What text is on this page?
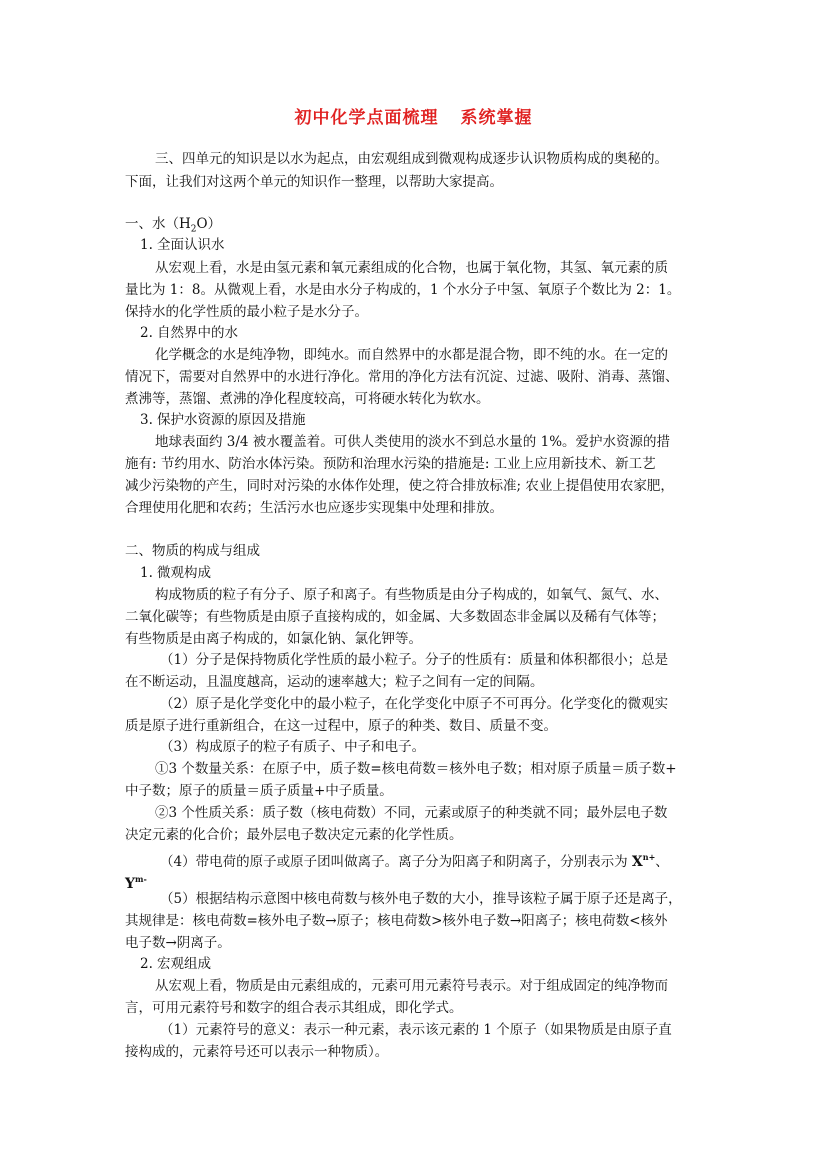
初中化学点面梳理 系统掌握
三、四单元的知识是以水为起点，由宏观组成到微观构成逐步认识物质构成的奥秘的。
下面，让我们对这两个单元的知识作一整理，以帮助大家提高。
一、水$(H_2O)$
1. 全面认识水
从宏观上看，水是由氢元素和氧元素组成的化合物，也属于氧化物，其氢、氧元素的质
量比为 1：8。从微观上看，水是由水分子构成的，1 个水分子中氢、氧原子个数比为 2：1。
保持水的化学性质的最小粒子是水分子。
2. 自然界中的水
化学概念的水是纯净物，即纯水。而自然界中的水都是混合物，即不纯的水。在一定的
情况下，需要对自然界中的水进行净化。常用的净化方法有沉淀、过滤、吸附、消毒、蒸馏、
煮沸等，蒸馏、煮沸的净化程度较高，可将硬水转化为软水。
3. 保护水资源的原因及措施
地球表面约 3/4 被水覆盖着。可供人类使用的淡水不到总水量的 1%。爱护水资源的措
施有: 节约用水、防治水体污染。预防和治理水污染的措施是: 工业上应用新技术、新工艺
减少污染物的产生，同时对污染的水体作处理，使之符合排放标准; 农业上提倡使用农家肥，
合理使用化肥和农药；生活污水也应逐步实现集中处理和排放。
二、物质的构成与组成
1. 微观构成
构成物质的粒子有分子、原子和离子。有些物质是由分子构成的，如氧气、氮气、水、
二氧化碳等；有些物质是由原子直接构成的，如金属、大多数固态非金属以及稀有气体等；
有些物质是由离子构成的，如氯化钠、氯化钾等。
（1）分子是保持物质化学性质的最小粒子。分子的性质有：质量和体积都很小；总是
在不断运动，且温度越高，运动的速率越大；粒子之间有一定的间隔。
（2）原子是化学变化中的最小粒子，在化学变化中原子不可再分。化学变化的微观实
质是原子进行重新组合，在这一过程中，原子的种类、数目、质量不变。
（3）构成原子的粒子有质子、中子和电子。
①3 个数量关系：在原子中，质子数=核电荷数＝核外电子数；相对原子质量＝质子数+
中子数；原子的质量＝质子质量+中子质量。
②3 个性质关系：质子数（核电荷数）不同，元素或原子的种类就不同；最外层电子数
决定元素的化合价；最外层电子数决定元素的化学性质。
（4）带电荷的原子或原子团叫做离子。离子分为阳离子和阴离子，分别表示为 $X^{n+}$、
$Y^{m-}$
（5）根据结构示意图中核电荷数与核外电子数的大小，推导该粒子属于原子还是离子，
其规律是：核电荷数=核外电子数→原子；核电荷数>核外电子数→阳离子；核电荷数<核外
电子数→阴离子。
2. 宏观组成
从宏观上看，物质是由元素组成的，元素可用元素符号表示。对于组成固定的纯净物而
言，可用元素符号和数字的组合表示其组成，即化学式。
（1）元素符号的意义：表示一种元素，表示该元素的 1 个原子（如果物质是由原子直
接构成的，元素符号还可以表示一种物质）。
